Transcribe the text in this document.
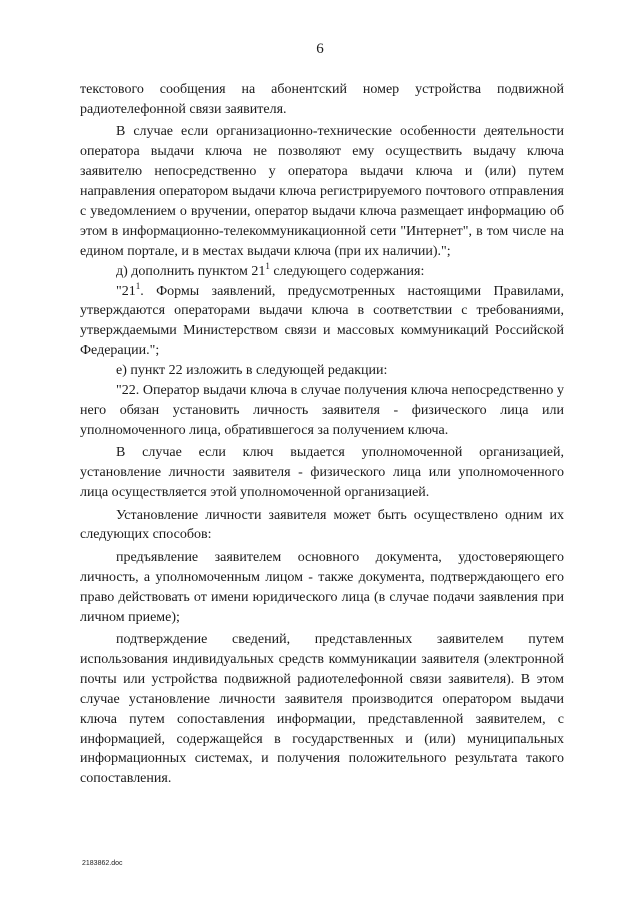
6

текстового сообщения на абонентский номер устройства подвижной радиотелефонной связи заявителя.

В случае если организационно-технические особенности деятельности оператора выдачи ключа не позволяют ему осуществить выдачу ключа заявителю непосредственно у оператора выдачи ключа и (или) путем направления оператором выдачи ключа регистрируемого почтового отправления с уведомлением о вручении, оператор выдачи ключа размещает информацию об этом в информационно-телекоммуникационной сети "Интернет", в том числе на едином портале, и в местах выдачи ключа (при их наличии).";

д) дополнить пунктом $21^1$ следующего содержания:

"$21^1$. Формы заявлений, предусмотренных настоящими Правилами, утверждаются операторами выдачи ключа в соответствии с требованиями, утверждаемыми Министерством связи и массовых коммуникаций Российской Федерации.";

е) пункт 22 изложить в следующей редакции:

"22. Оператор выдачи ключа в случае получения ключа непосредственно у него обязан установить личность заявителя - физического лица или уполномоченного лица, обратившегося за получением ключа.

В случае если ключ выдается уполномоченной организацией, установление личности заявителя - физического лица или уполномоченного лица осуществляется этой уполномоченной организацией.

Установление личности заявителя может быть осуществлено одним их следующих способов:

предъявление заявителем основного документа, удостоверяющего личность, а уполномоченным лицом - также документа, подтверждающего его право действовать от имени юридического лица (в случае подачи заявления при личном приеме);

подтверждение сведений, представленных заявителем путем использования индивидуальных средств коммуникации заявителя (электронной почты или устройства подвижной радиотелефонной связи заявителя). В этом случае установление личности заявителя производится оператором выдачи ключа путем сопоставления информации, представленной заявителем, с информацией, содержащейся в государственных и (или) муниципальных информационных системах, и получения положительного результата такого сопоставления.

2183862.doc
